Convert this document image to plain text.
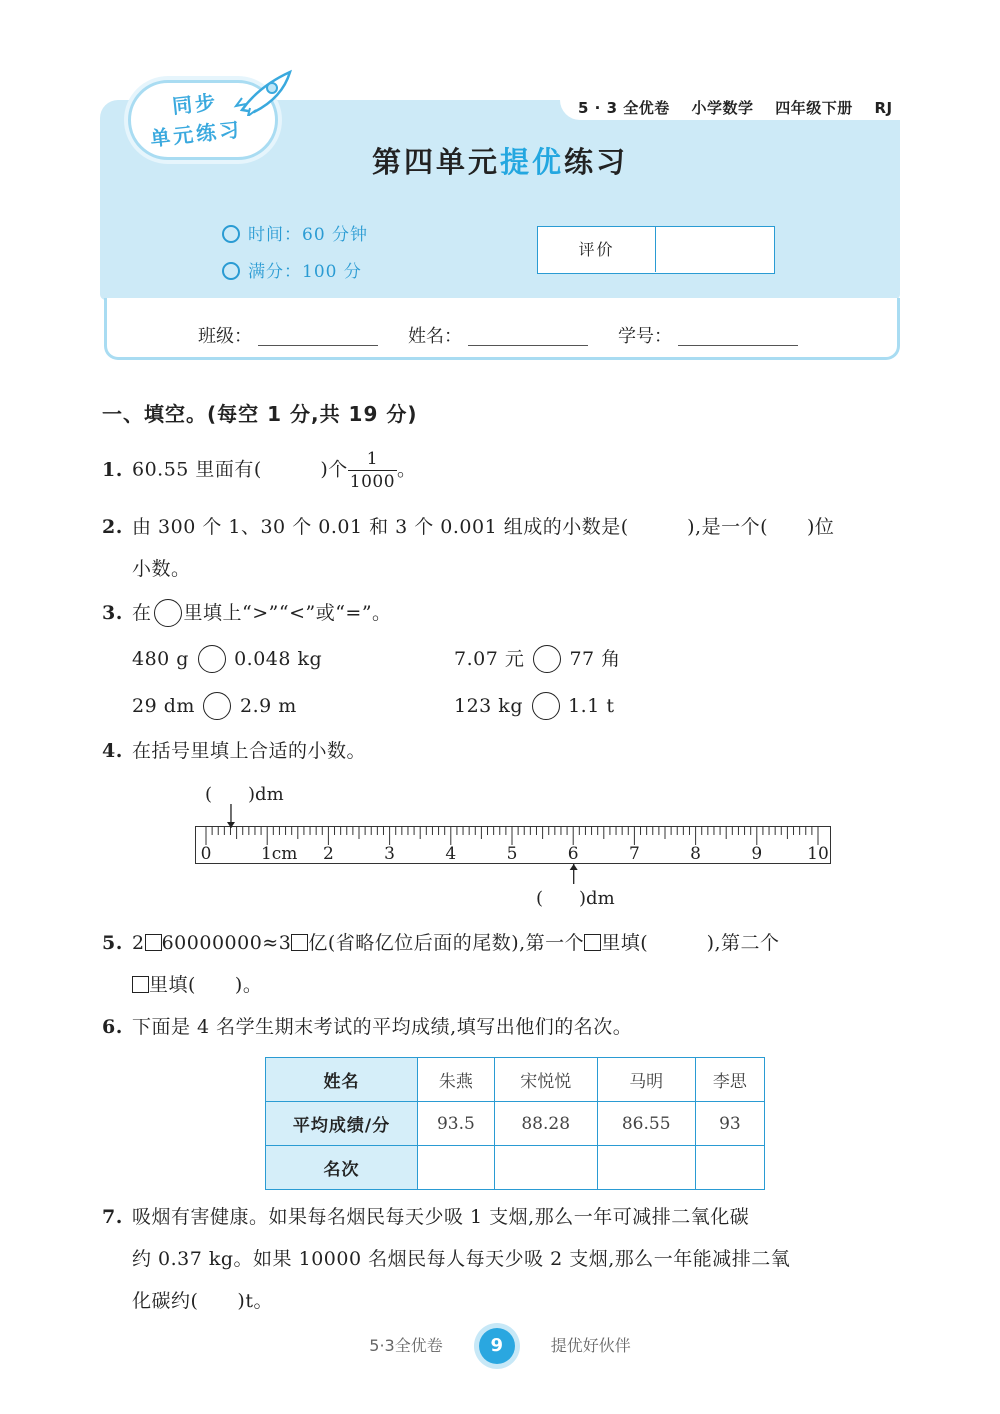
5 · 3 全优卷 小学数学 四年级下册 RJ
同步
单元练习
第四单元提优练习
时间：60 分钟
满分：100 分
评价
班级：	姓名：	学号：
一、填空。(每空 1 分,共 19 分)
1. 60.55 里面有(　　　)个 $\frac{1}{1000}$ 。
2. 由 300 个 1、30 个 0.01 和 3 个 0.001 组成的小数是(　　　),是一个(　　)位
小数。
3. 在 里填上“>”“<”或“=”。
480 g 0.048 kg	7.07 元 77 角
29 dm 2.9 m	123 kg 1.1 t
4. 在括号里填上合适的小数。
(　　)dm
0	1cm 2	3	4	5	6	7	8	9	10
(　　)dm
5. 2 60000000≈3 亿(省略亿位后面的尾数),第一个 里填(　　　),第二个
里填(　　)。
6. 下面是 4 名学生期末考试的平均成绩,填写出他们的名次。
姓名	朱燕	宋悦悦	马明	李思
平均成绩/分	93.5	88.28	86.55	93
名次				
7. 吸烟有害健康。如果每名烟民每天少吸 1 支烟,那么一年可减排二氧化碳
约 0.37 kg。如果 10000 名烟民每人每天少吸 2 支烟,那么一年能减排二氧
化碳约(　　)t。
5·3全优卷	9	提优好伙伴
